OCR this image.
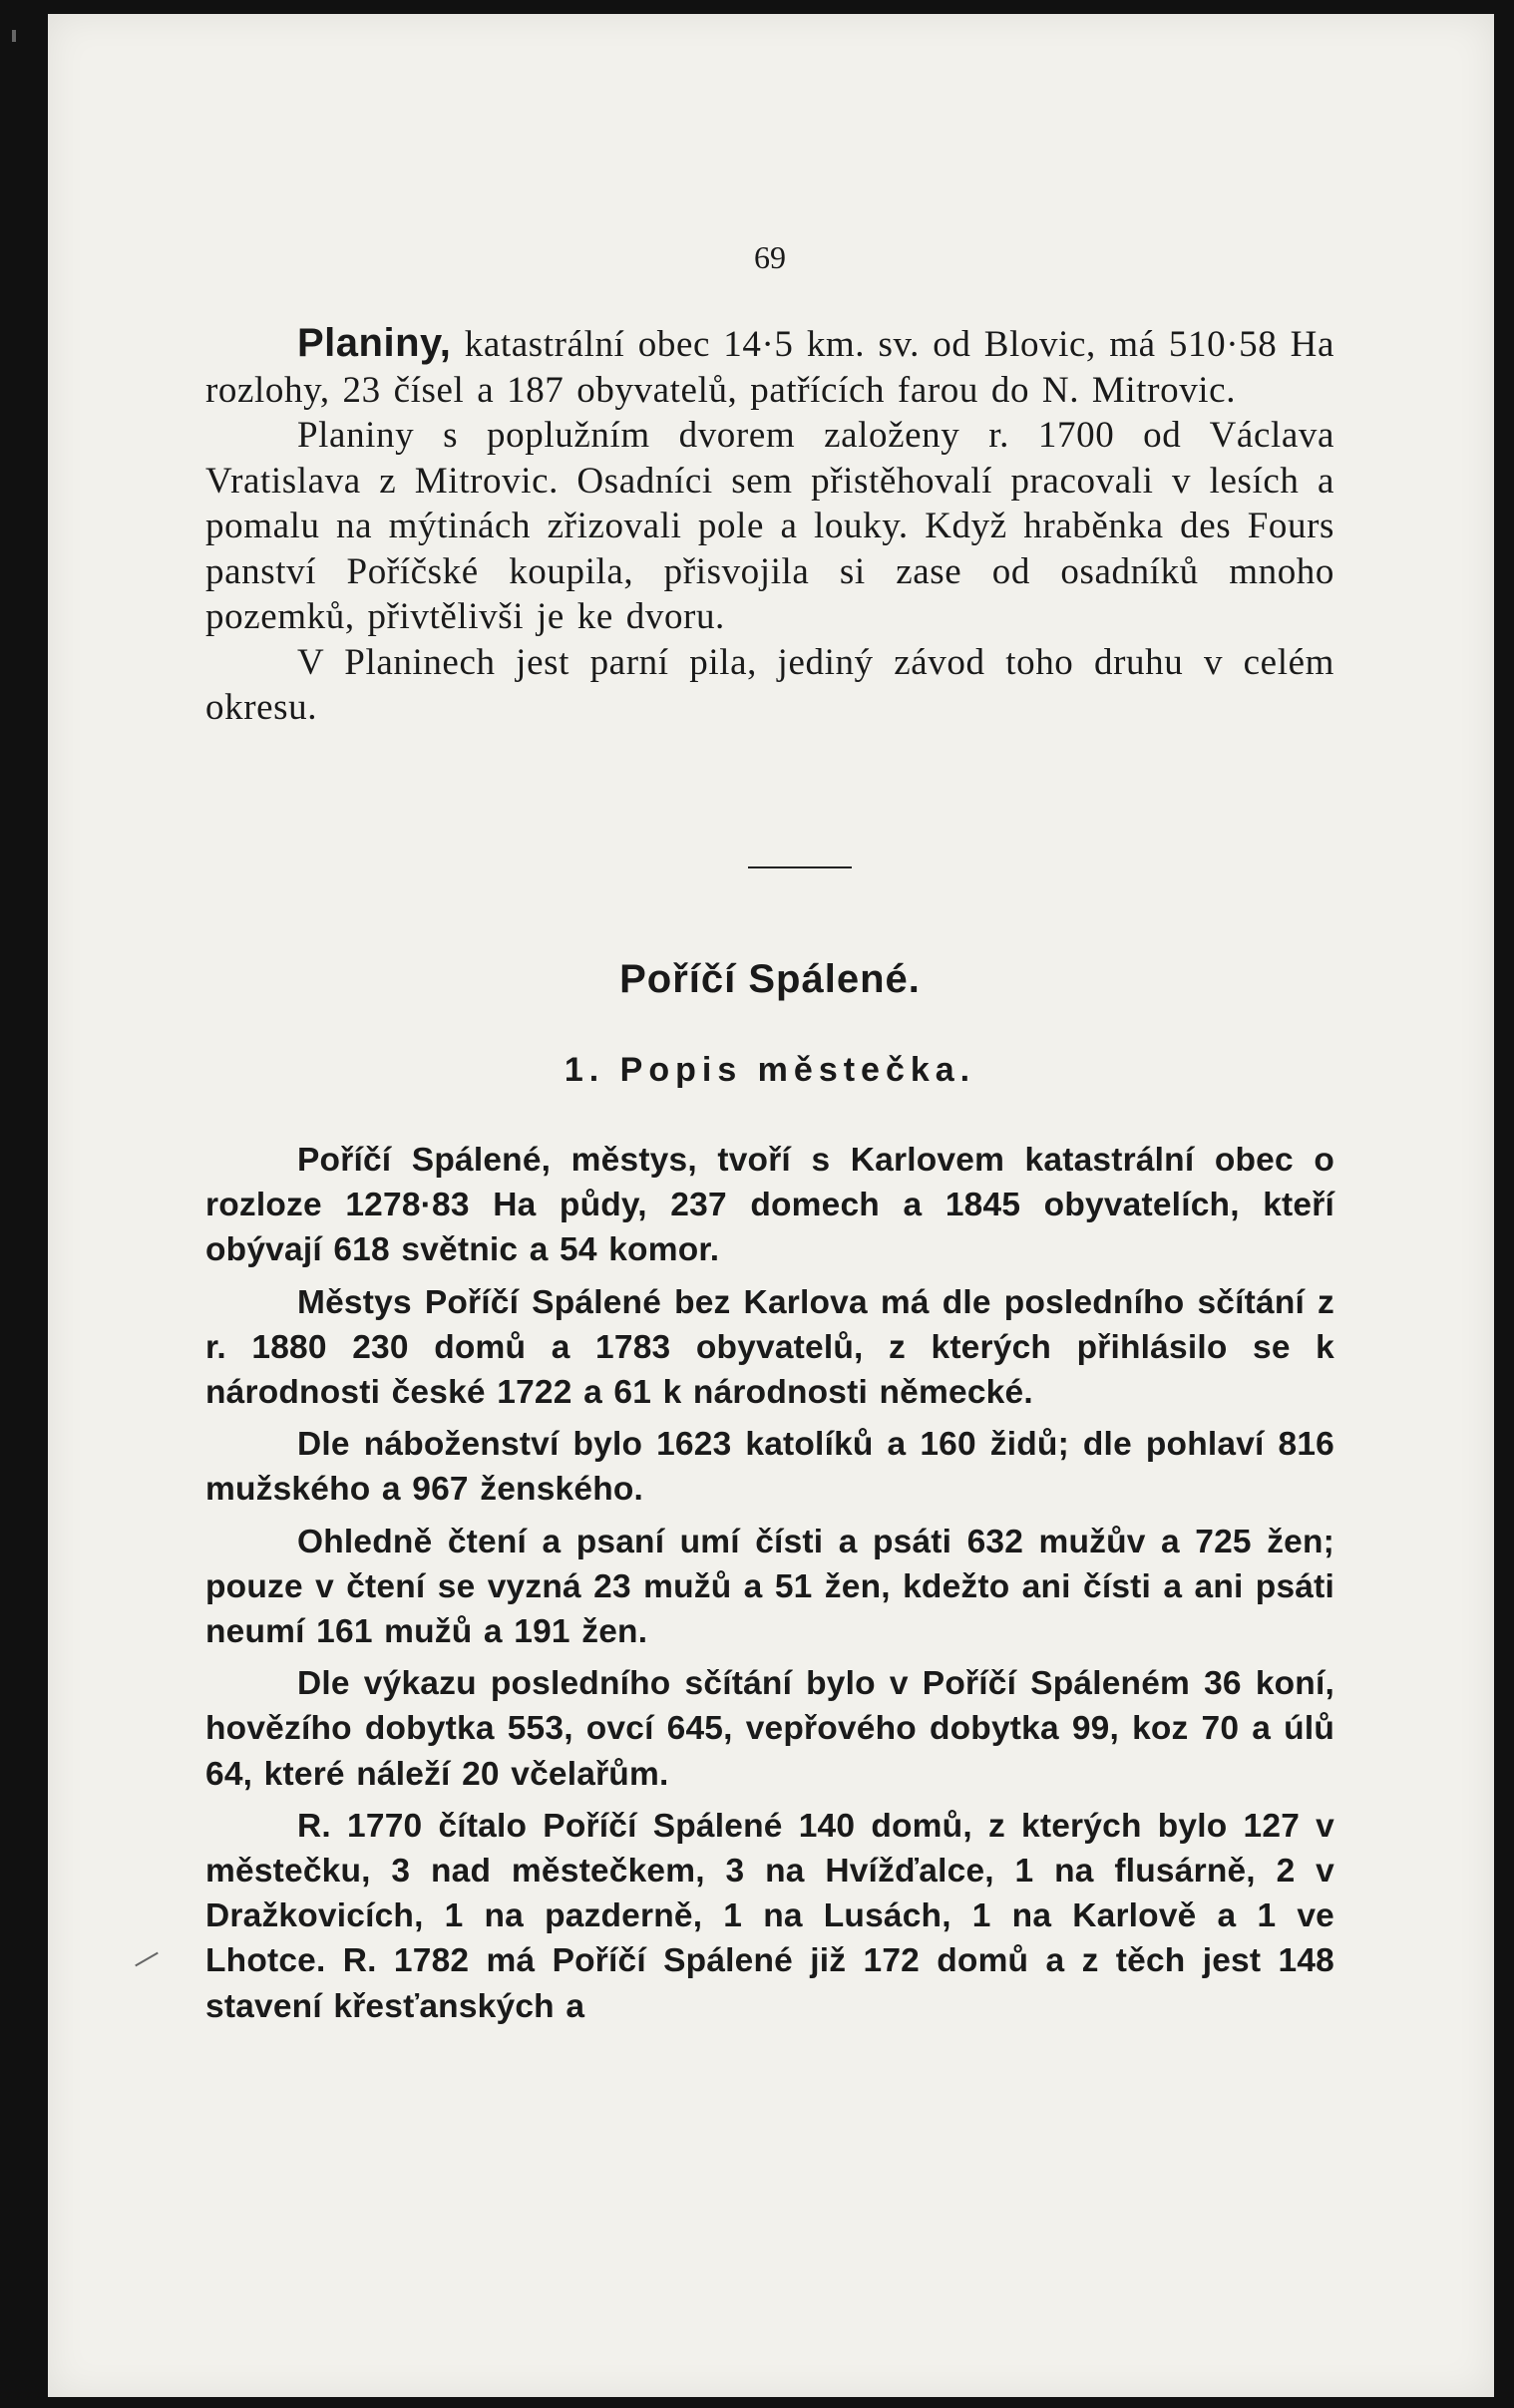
69

Planiny, katastrální obec 14·5 km. sv. od Blovic, má 510·58 Ha rozlohy, 23 čísel a 187 obyvatelů, patřících farou do N. Mitrovic.

Planiny s poplužním dvorem založeny r. 1700 od Václava Vratislava z Mitrovic. Osadníci sem přistěhovalí pracovali v lesích a pomalu na mýtinách zřizovali pole a louky. Když hraběnka des Fours panství Poříčské koupila, přisvojila si zase od osadníků mnoho pozemků, přivtělivši je ke dvoru.

V Planinech jest parní pila, jediný závod toho druhu v celém okresu.

Poříčí Spálené.
1. Popis městečka.

Poříčí Spálené, městys, tvoří s Karlovem katastrální obec o rozloze 1278·83 Ha půdy, 237 domech a 1845 obyvatelích, kteří obývají 618 světnic a 54 komor.

Městys Poříčí Spálené bez Karlova má dle posledního sčítání z r. 1880 230 domů a 1783 obyvatelů, z kterých přihlásilo se k národnosti české 1722 a 61 k národnosti německé.

Dle náboženství bylo 1623 katolíků a 160 židů; dle pohlaví 816 mužského a 967 ženského.

Ohledně čtení a psaní umí čísti a psáti 632 mužův a 725 žen; pouze v čtení se vyzná 23 mužů a 51 žen, kdežto ani čísti a ani psáti neumí 161 mužů a 191 žen.

Dle výkazu posledního sčítání bylo v Poříčí Spáleném 36 koní, hovězího dobytka 553, ovcí 645, vepřového dobytka 99, koz 70 a úlů 64, které náleží 20 včelařům.

R. 1770 čítalo Poříčí Spálené 140 domů, z kterých bylo 127 v městečku, 3 nad městečkem, 3 na Hvížďalce, 1 na flusárně, 2 v Dražkovicích, 1 na pazderně, 1 na Lusách, 1 na Karlově a 1 ve Lhotce. R. 1782 má Poříčí Spálené již 172 domů a z těch jest 148 stavení křesťanských a
